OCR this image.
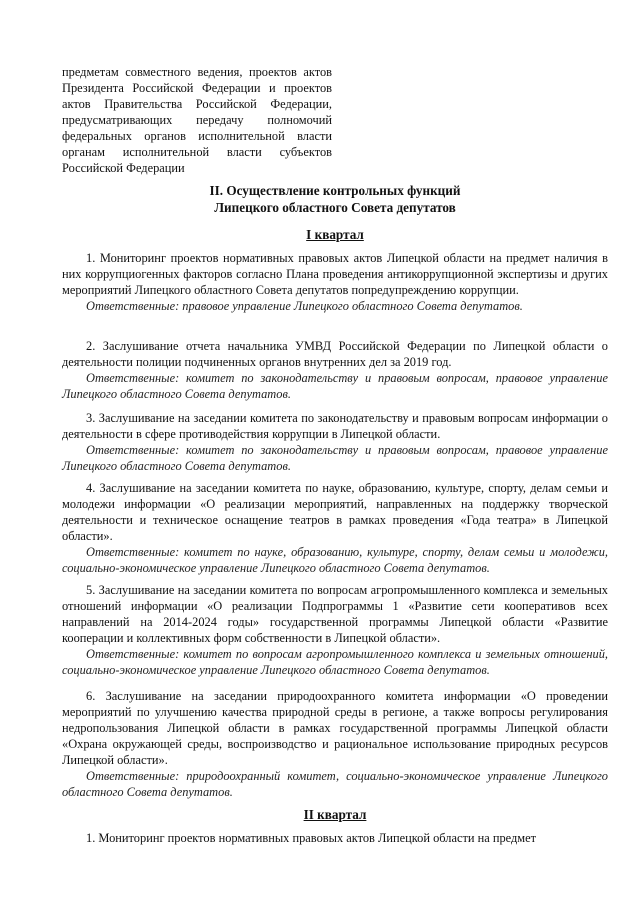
предметам совместного ведения, проектов актов
Президента Российской Федерации и проектов
актов Правительства Российской Федерации,
предусматривающих передачу полномочий
федеральных органов исполнительной власти
органам исполнительной власти субъектов
Российской Федерации
II. Осуществление контрольных функций
Липецкого областного Совета депутатов
I квартал

1. Мониторинг проектов нормативных правовых актов Липецкой области на предмет наличия в них коррупциогенных факторов согласно Плана проведения антикоррупционной экспертизы и других мероприятий Липецкого областного Совета депутатов попредупреждению коррупции.

Ответственные: правовое управление Липецкого областного Совета депутатов.

2. Заслушивание отчета начальника УМВД Российской Федерации по Липецкой области о деятельности полиции подчиненных органов внутренних дел за 2019 год.

Ответственные: комитет по законодательству и правовым вопросам, правовое управление Липецкого областного Совета депутатов.

3. Заслушивание на заседании комитета по законодательству и правовым вопросам информации о деятельности в сфере противодействия коррупции в Липецкой области.

Ответственные: комитет по законодательству и правовым вопросам, правовое управление Липецкого областного Совета депутатов.

4. Заслушивание на заседании комитета по науке, образованию, культуре, спорту, делам семьи и молодежи информации «О реализации мероприятий, направленных на поддержку творческой деятельности и техническое оснащение театров в рамках проведения «Года театра» в Липецкой области».

Ответственные: комитет по науке, образованию, культуре, спорту, делам семьи и молодежи, социально-экономическое управление Липецкого областного Совета депутатов.

5. Заслушивание на заседании комитета по вопросам агропромышленного комплекса и земельных отношений информации «О реализации Подпрограммы 1 «Развитие сети кооперативов всех направлений на 2014-2024 годы» государственной программы Липецкой области «Развитие кооперации и коллективных форм собственности в Липецкой области».

Ответственные: комитет по вопросам агропромышленного комплекса и земельных отношений, социально-экономическое управление Липецкого областного Совета депутатов.

6. Заслушивание на заседании природоохранного комитета информации «О проведении мероприятий по улучшению качества природной среды в регионе, а также вопросы регулирования недропользования Липецкой области в рамках государственной программы Липецкой области «Охрана окружающей среды, воспроизводство и рациональное использование природных ресурсов Липецкой области».

Ответственные: природоохранный комитет, социально-экономическое управление Липецкого областного Совета депутатов.

II квартал

1. Мониторинг проектов нормативных правовых актов Липецкой области на предмет
